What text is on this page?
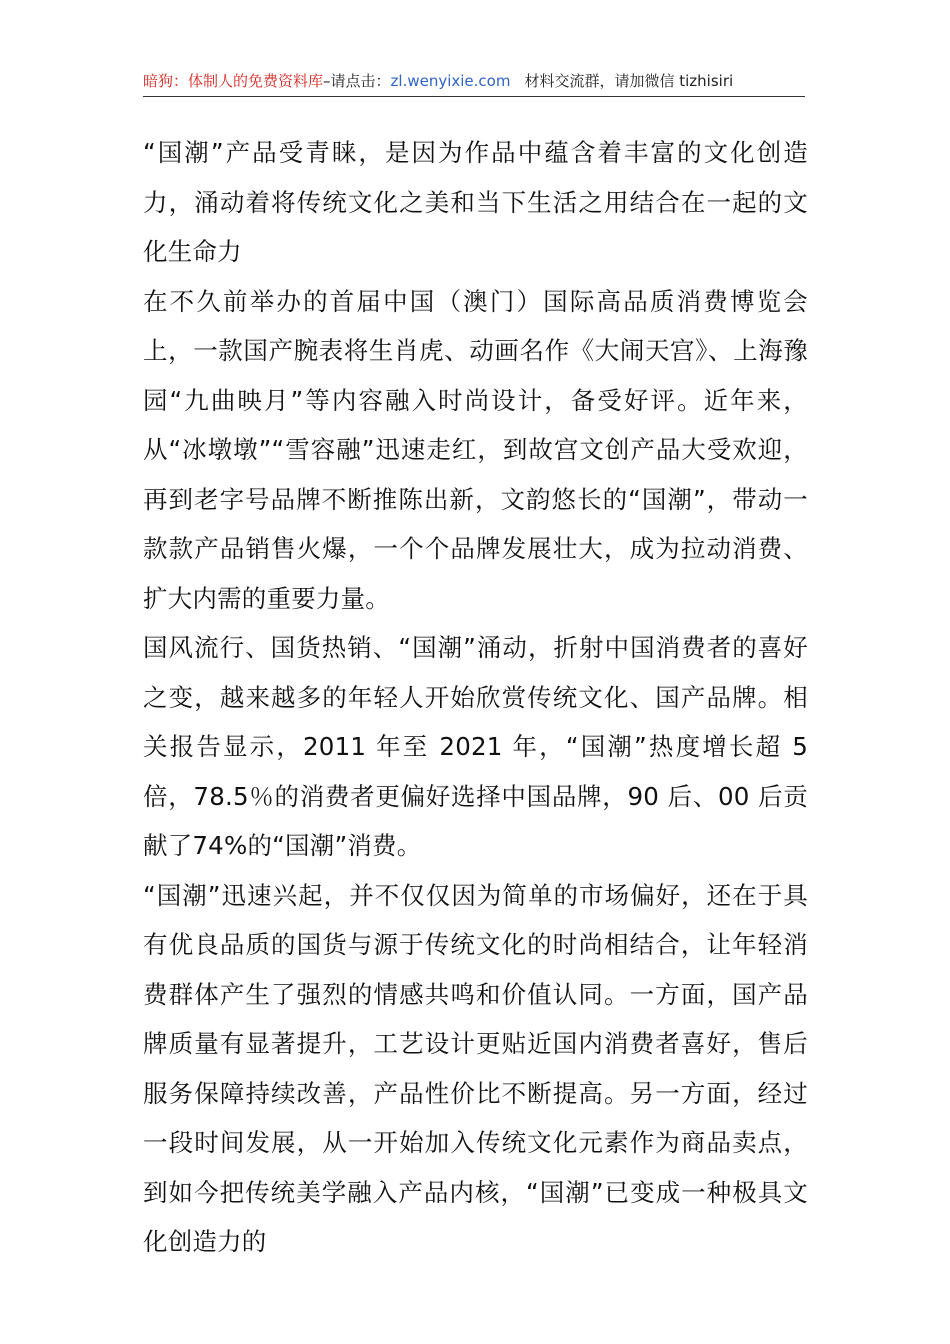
暗狗：体制人的免费资料库–请点击：zl.wenyixie.com 材料交流群，请加微信 tizhisiri

“国潮”产品受青睐，是因为作品中蕴含着丰富的文化创造力，涌动着将传统文化之美和当下生活之用结合在一起的文化生命力

在不久前举办的首届中国（澳门）国际高品质消费博览会上，一款国产腕表将生肖虎、动画名作《大闹天宫》、上海豫园“九曲映月”等内容融入时尚设计，备受好评。近年来，从“冰墩墩”“雪容融”迅速走红，到故宫文创产品大受欢迎，再到老字号品牌不断推陈出新，文韵悠长的“国潮”，带动一款款产品销售火爆，一个个品牌发展壮大，成为拉动消费、扩大内需的重要力量。

国风流行、国货热销、“国潮”涌动，折射中国消费者的喜好之变，越来越多的年轻人开始欣赏传统文化、国产品牌。相关报告显示，2011 年至 2021 年，“国潮”热度增长超 5 倍，78.5％的消费者更偏好选择中国品牌，90 后、00 后贡献了74%的“国潮”消费。

“国潮”迅速兴起，并不仅仅因为简单的市场偏好，还在于具有优良品质的国货与源于传统文化的时尚相结合，让年轻消费群体产生了强烈的情感共鸣和价值认同。一方面，国产品牌质量有显著提升，工艺设计更贴近国内消费者喜好，售后服务保障持续改善，产品性价比不断提高。另一方面，经过一段时间发展，从一开始加入传统文化元素作为商品卖点，到如今把传统美学融入产品内核，“国潮”已变成一种极具文化创造力的
